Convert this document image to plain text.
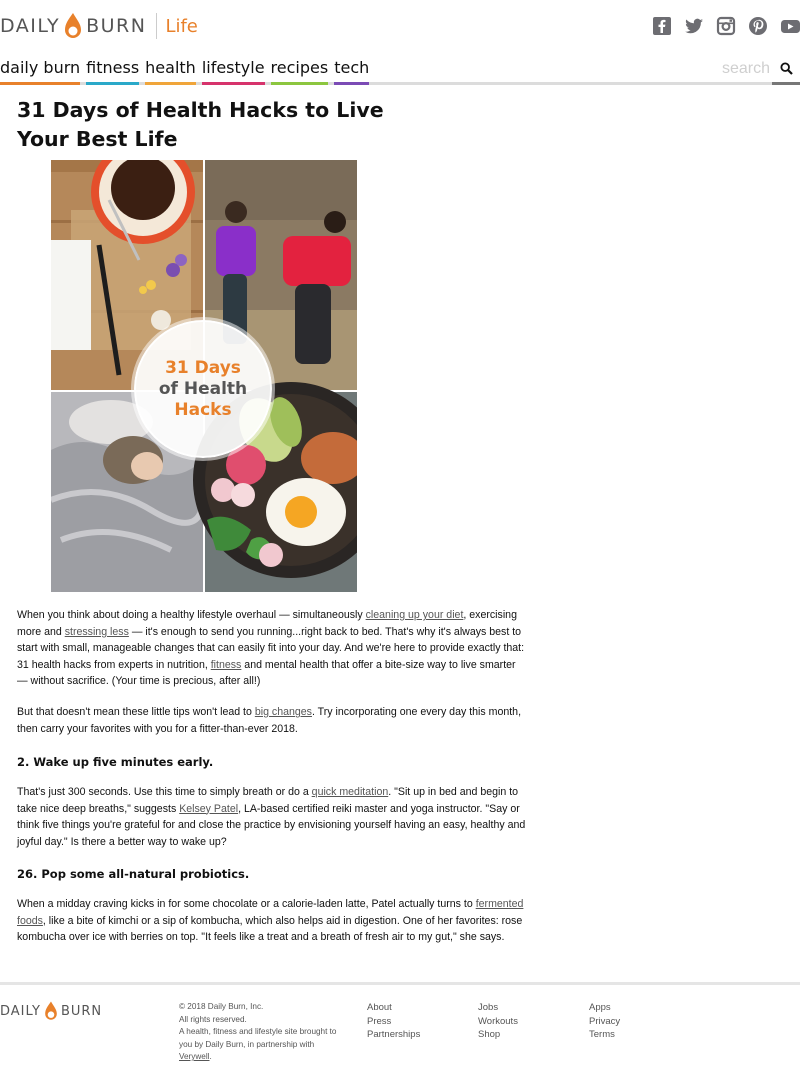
DAILY BURN Life
daily burn fitness health lifestyle recipes tech	search
31 Days of Health Hacks to Live Your Best Life
31 Days
of Health
Hacks

When you think about doing a healthy lifestyle overhaul — simultaneously cleaning up your diet, exercising more and stressing less — it's enough to send you running...right back to bed. That's why it's always best to start with small, manageable changes that can easily fit into your day. And we're here to provide exactly that: 31 health hacks from experts in nutrition, fitness and mental health that offer a bite-size way to live smarter — without sacrifice. (Your time is precious, after all!)

But that doesn't mean these little tips won't lead to big changes. Try incorporating one every day this month, then carry your favorites with you for a fitter-than-ever 2018.

2. Wake up five minutes early.

That's just 300 seconds. Use this time to simply breath or do a quick meditation. "Sit up in bed and begin to take nice deep breaths," suggests Kelsey Patel, LA-based certified reiki master and yoga instructor. "Say or think five things you're grateful for and close the practice by envisioning yourself having an easy, healthy and joyful day." Is there a better way to wake up?

26. Pop some all-natural probiotics.

When a midday craving kicks in for some chocolate or a calorie-laden latte, Patel actually turns to fermented foods, like a bite of kimchi or a sip of kombucha, which also helps aid in digestion. One of her favorites: rose kombucha over ice with berries on top. "It feels like a treat and a breath of fresh air to my gut," she says.

DAILY BURN	© 2018 Daily Burn, Inc.
All rights reserved.
A health, fitness and lifestyle site brought to you by Daily Burn, in partnership with Verywell.
About
Press
Partnerships
Jobs
Workouts
Shop
Apps
Privacy
Terms
